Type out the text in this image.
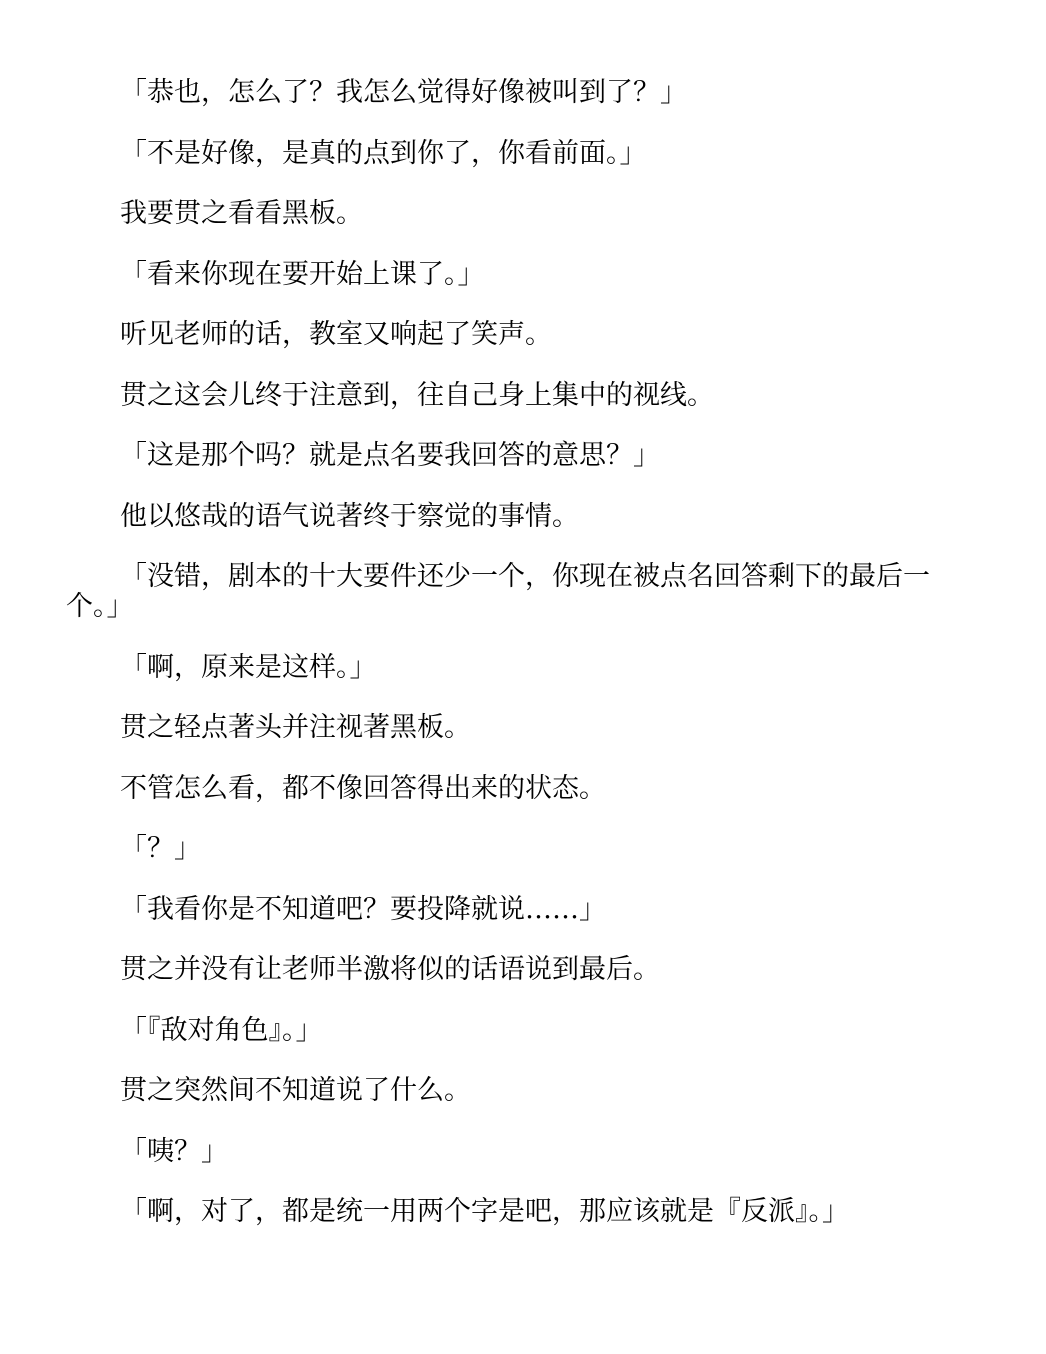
「恭也，怎么了？我怎么觉得好像被叫到了？」

「不是好像，是真的点到你了，你看前面。」

我要贯之看看黑板。

「看来你现在要开始上课了。」

听见老师的话，教室又响起了笑声。

贯之这会儿终于注意到，往自己身上集中的视线。

「这是那个吗？就是点名要我回答的意思？」

他以悠哉的语气说著终于察觉的事情。

「没错，剧本的十大要件还少一个，你现在被点名回答剩下的最后一个。」

「啊，原来是这样。」

贯之轻点著头并注视著黑板。

不管怎么看，都不像回答得出来的状态。

「？」

「我看你是不知道吧？要投降就说……」

贯之并没有让老师半激将似的话语说到最后。

「『敌对角色』。」

贯之突然间不知道说了什么。

「咦？」

「啊，对了，都是统一用两个字是吧，那应该就是『反派』。」
